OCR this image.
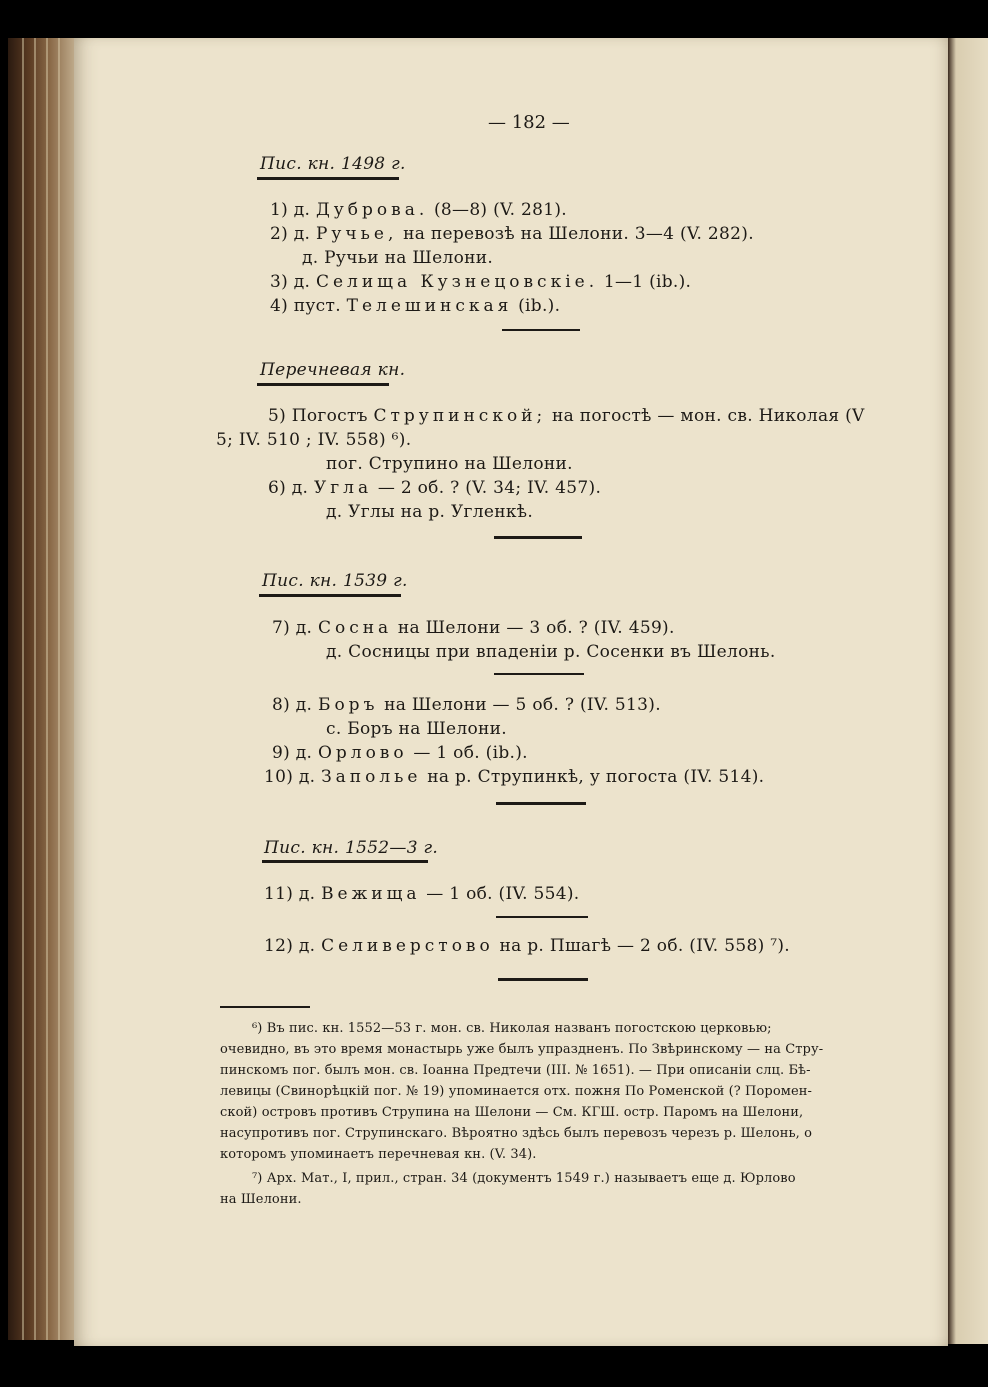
— 182 —
Пис. кн. 1498 г.
1) д. Дуброва. (8—8) (V. 281).
2) д. Ручье, на перевозѣ на Шелони. 3—4 (V. 282).
д. Ручьи на Шелони.
3) д. Селища Кузнецовскіе. 1—1 (ib.).
4) пуст. Телешинская (ib.).
Перечневая кн.
5) Погостъ Струпинской; на погостѣ — мон. св. Николая (V
5; IV. 510 ; IV. 558) ⁶).
пог. Струпино на Шелони.
6) д. Угла — 2 об. ? (V. 34; IV. 457).
д. Углы на р. Угленкѣ.
Пис. кн. 1539 г.
7) д. Сосна на Шелони — 3 об. ? (IV. 459).
д. Сосницы при впаденіи р. Сосенки въ Шелонь.
8) д. Боръ на Шелони — 5 об. ? (IV. 513).
с. Боръ на Шелони.
9) д. Орлово — 1 об. (ib.).
10) д. Заполье на р. Струпинкѣ, у погоста (IV. 514).
Пис. кн. 1552—3 г.
11) д. Вежища — 1 об. (IV. 554).
12) д. Селиверстово на р. Пшагѣ — 2 об. (IV. 558) ⁷).
⁶) Въ пис. кн. 1552—53 г. мон. св. Николая названъ погостскою церковью;
очевидно, въ это время монастырь уже былъ упраздненъ. По Звѣринскому — на Стру-
пинскомъ пог. былъ мон. св. Іоанна Предтечи (III. № 1651). — При описаніи слц. Бѣ-
левицы (Свинорѣцкій пог. № 19) упоминается отх. пожня По Роменской (? Поромен-
ской) островъ противъ Струпина на Шелони — См. КГШ. остр. Паромъ на Шелони,
насупротивъ пог. Струпинскаго. Вѣроятно здѣсь былъ перевозъ черезъ р. Шелонь, о
которомъ упоминаетъ перечневая кн. (V. 34).
⁷) Арх. Мат., I, прил., стран. 34 (документъ 1549 г.) называетъ еще д. Юрлово
на Шелони.
